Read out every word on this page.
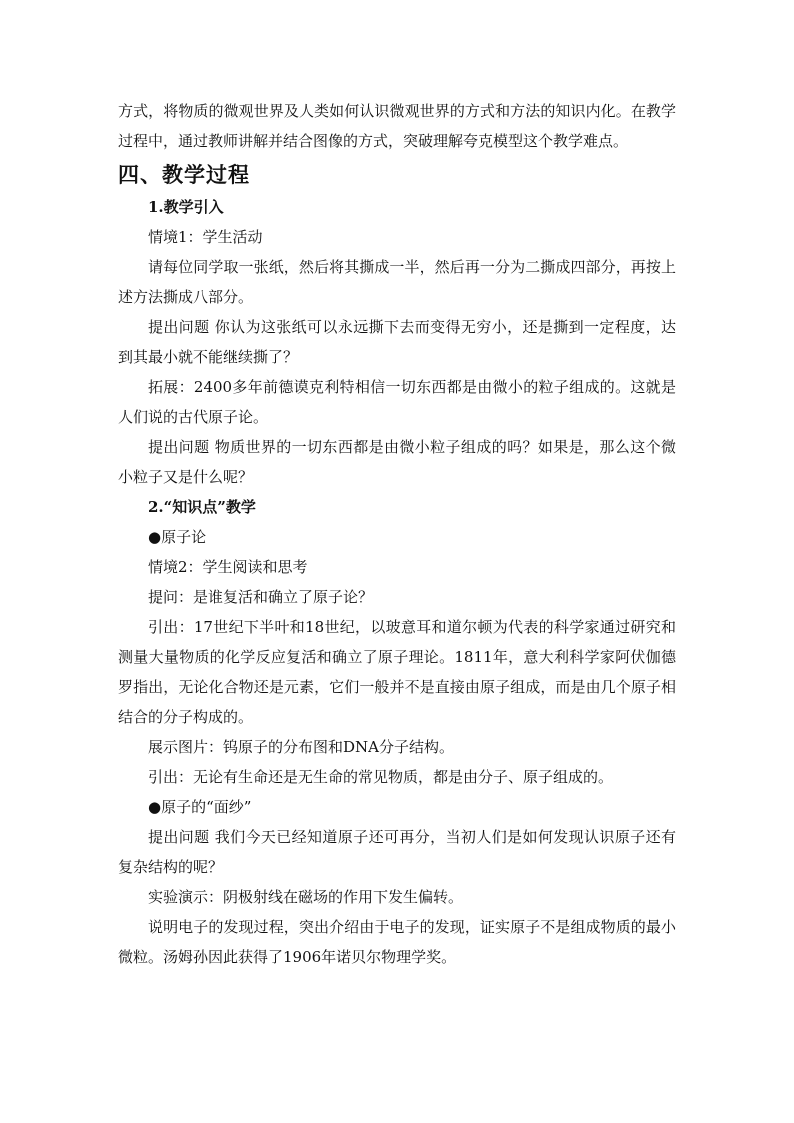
方式，将物质的微观世界及人类如何认识微观世界的方式和方法的知识内化。在教学过程中，通过教师讲解并结合图像的方式，突破理解夸克模型这个教学难点。

四、教学过程

1.教学引入

情境1：学生活动

请每位同学取一张纸，然后将其撕成一半，然后再一分为二撕成四部分，再按上述方法撕成八部分。

提出问题 你认为这张纸可以永远撕下去而变得无穷小，还是撕到一定程度，达到其最小就不能继续撕了？

拓展：2400多年前德谟克利特相信一切东西都是由微小的粒子组成的。这就是人们说的古代原子论。

提出问题 物质世界的一切东西都是由微小粒子组成的吗？如果是，那么这个微小粒子又是什么呢？

2.“知识点”教学

●原子论

情境2：学生阅读和思考

提问：是谁复活和确立了原子论？

引出：17世纪下半叶和18世纪，以玻意耳和道尔顿为代表的科学家通过研究和测量大量物质的化学反应复活和确立了原子理论。1811年，意大利科学家阿伏伽德罗指出，无论化合物还是元素，它们一般并不是直接由原子组成，而是由几个原子相结合的分子构成的。

展示图片：钨原子的分布图和DNA分子结构。

引出：无论有生命还是无生命的常见物质，都是由分子、原子组成的。

●原子的“面纱”

提出问题 我们今天已经知道原子还可再分，当初人们是如何发现认识原子还有复杂结构的呢？

实验演示：阴极射线在磁场的作用下发生偏转。

说明电子的发现过程，突出介绍由于电子的发现，证实原子不是组成物质的最小微粒。汤姆孙因此获得了1906年诺贝尔物理学奖。
